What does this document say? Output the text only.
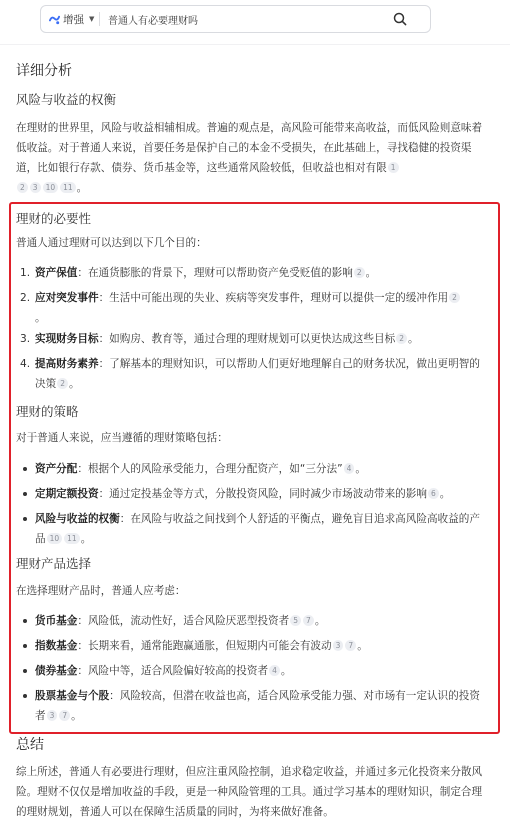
增强 ▼
普通人有必要理财吗
详细分析
风险与收益的权衡
在理财的世界里，风险与收益相辅相成。普遍的观点是，高风险可能带来高收益，而低风险则意味着低收益。对于普通人来说，首要任务是保护自己的本金不受损失，在此基础上，寻找稳健的投资渠道，比如银行存款、债券、货币基金等，这些通常风险较低，但收益也相对有限 1
2 3 10 11 。
理财的必要性
普通人通过理财可以达到以下几个目的：
1. 资产保值：在通货膨胀的背景下，理财可以帮助资产免受贬值的影响 2 。
2. 应对突发事件：生活中可能出现的失业、疾病等突发事件，理财可以提供一定的缓冲作用 2
。
3. 实现财务目标：如购房、教育等，通过合理的理财规划可以更快达成这些目标 2 。
4. 提高财务素养：了解基本的理财知识，可以帮助人们更好地理解自己的财务状况，做出更明智的决策 2 。
理财的策略
对于普通人来说，应当遵循的理财策略包括：
资产分配：根据个人的风险承受能力，合理分配资产，如“三分法” 4 。
定期定额投资：通过定投基金等方式，分散投资风险，同时减少市场波动带来的影响 6 。
风险与收益的权衡：在风险与收益之间找到个人舒适的平衡点，避免盲目追求高风险高收益的产品 10 11 。
理财产品选择
在选择理财产品时，普通人应考虑：
货币基金：风险低，流动性好，适合风险厌恶型投资者 5 7 。
指数基金：长期来看，通常能跑赢通胀，但短期内可能会有波动 3 7 。
债券基金：风险中等，适合风险偏好较高的投资者 4 。
股票基金与个股：风险较高，但潜在收益也高，适合风险承受能力强、对市场有一定认识的投资者 3 7 。
总结
综上所述，普通人有必要进行理财，但应注重风险控制，追求稳定收益，并通过多元化投资来分散风险。理财不仅仅是增加收益的手段，更是一种风险管理的工具。通过学习基本的理财知识，制定合理的理财规划，普通人可以在保障生活质量的同时，为将来做好准备。
